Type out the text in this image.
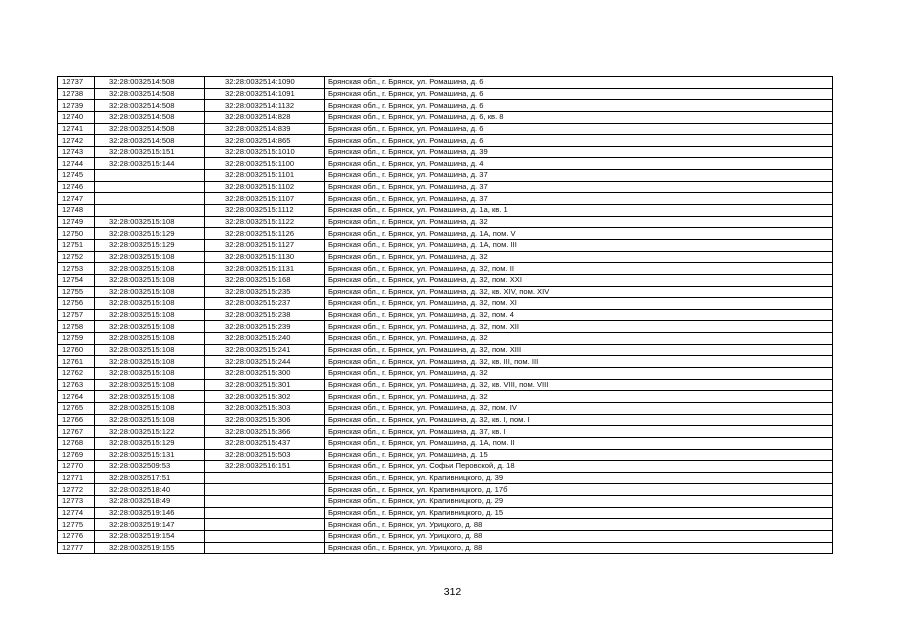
12737	32:28:0032514:508	32:28:0032514:1090	Брянская обл., г. Брянск, ул. Ромашина, д. 6
12738	32:28:0032514:508	32:28:0032514:1091	Брянская обл., г. Брянск, ул. Ромашина, д. 6
12739	32:28:0032514:508	32:28:0032514:1132	Брянская обл., г. Брянск, ул. Ромашина, д. 6
12740	32:28:0032514:508	32:28:0032514:828	Брянская обл., г. Брянск, ул. Ромашина, д. 6, кв. 8
12741	32:28:0032514:508	32:28:0032514:839	Брянская обл., г. Брянск, ул. Ромашина, д. 6
12742	32:28:0032514:508	32:28:0032514:865	Брянская обл., г. Брянск, ул. Ромашина, д. 6
12743	32:28:0032515:151	32:28:0032515:1010	Брянская обл., г. Брянск, ул. Ромашина, д. 39
12744	32:28:0032515:144	32:28:0032515:1100	Брянская обл., г. Брянск, ул. Ромашина, д. 4
12745		32:28:0032515:1101	Брянская обл., г. Брянск, ул. Ромашина, д. 37
12746		32:28:0032515:1102	Брянская обл., г. Брянск, ул. Ромашина, д. 37
12747		32:28:0032515:1107	Брянская обл., г. Брянск, ул. Ромашина, д. 37
12748		32:28:0032515:1112	Брянская обл., г. Брянск, ул. Ромашина, д. 1а, кв. 1
12749	32:28:0032515:108	32:28:0032515:1122	Брянская обл., г. Брянск, ул. Ромашина, д. 32
12750	32:28:0032515:129	32:28:0032515:1126	Брянская обл., г. Брянск, ул. Ромашина, д. 1А, пом. V
12751	32:28:0032515:129	32:28:0032515:1127	Брянская обл., г. Брянск, ул. Ромашина, д. 1А, пом. III
12752	32:28:0032515:108	32:28:0032515:1130	Брянская обл., г. Брянск, ул. Ромашина, д. 32
12753	32:28:0032515:108	32:28:0032515:1131	Брянская обл., г. Брянск, ул. Ромашина, д. 32, пом. II
12754	32:28:0032515:108	32:28:0032515:168	Брянская обл., г. Брянск, ул. Ромашина, д. 32, пом. XXI
12755	32:28:0032515:108	32:28:0032515:235	Брянская обл., г. Брянск, ул. Ромашина, д. 32, кв. XIV, пом. XIV
12756	32:28:0032515:108	32:28:0032515:237	Брянская обл., г. Брянск, ул. Ромашина, д. 32, пом. XI
12757	32:28:0032515:108	32:28:0032515:238	Брянская обл., г. Брянск, ул. Ромашина, д. 32, пом. 4
12758	32:28:0032515:108	32:28:0032515:239	Брянская обл., г. Брянск, ул. Ромашина, д. 32, пом. XII
12759	32:28:0032515:108	32:28:0032515:240	Брянская обл., г. Брянск, ул. Ромашина, д. 32
12760	32:28:0032515:108	32:28:0032515:241	Брянская обл., г. Брянск, ул. Ромашина, д. 32, пом. XIII
12761	32:28:0032515:108	32:28:0032515:244	Брянская обл., г. Брянск, ул. Ромашина, д. 32, кв. III, пом. III
12762	32:28:0032515:108	32:28:0032515:300	Брянская обл., г. Брянск, ул. Ромашина, д. 32
12763	32:28:0032515:108	32:28:0032515:301	Брянская обл., г. Брянск, ул. Ромашина, д. 32, кв. VIII, пом. VIII
12764	32:28:0032515:108	32:28:0032515:302	Брянская обл., г. Брянск, ул. Ромашина, д. 32
12765	32:28:0032515:108	32:28:0032515:303	Брянская обл., г. Брянск, ул. Ромашина, д. 32, пом. IV
12766	32:28:0032515:108	32:28:0032515:306	Брянская обл., г. Брянск, ул. Ромашина, д. 32, кв. I, пом. I
12767	32:28:0032515:122	32:28:0032515:366	Брянская обл., г. Брянск, ул. Ромашина, д. 37, кв. I
12768	32:28:0032515:129	32:28:0032515:437	Брянская обл., г. Брянск, ул. Ромашина, д. 1А, пом. II
12769	32:28:0032515:131	32:28:0032515:503	Брянская обл., г. Брянск, ул. Ромашина, д. 15
12770	32:28:0032509:53	32:28:0032516:151	Брянская обл., г. Брянск, ул. Софьи Перовской, д. 18
12771	32:28:0032517:51		Брянская обл., г. Брянск, ул. Крапивницкого, д. 39
12772	32:28:0032518:40		Брянская обл., г. Брянск, ул. Крапивницкого, д. 17б
12773	32:28:0032518:49		Брянская обл., г. Брянск, ул. Крапивницкого, д. 29
12774	32:28:0032519:146		Брянская обл., г. Брянск, ул. Крапивницкого, д. 15
12775	32:28:0032519:147		Брянская обл., г. Брянск, ул. Урицкого, д. 88
12776	32:28:0032519:154		Брянская обл., г. Брянск, ул. Урицкого, д. 88
12777	32:28:0032519:155		Брянская обл., г. Брянск, ул. Урицкого, д. 88
312
